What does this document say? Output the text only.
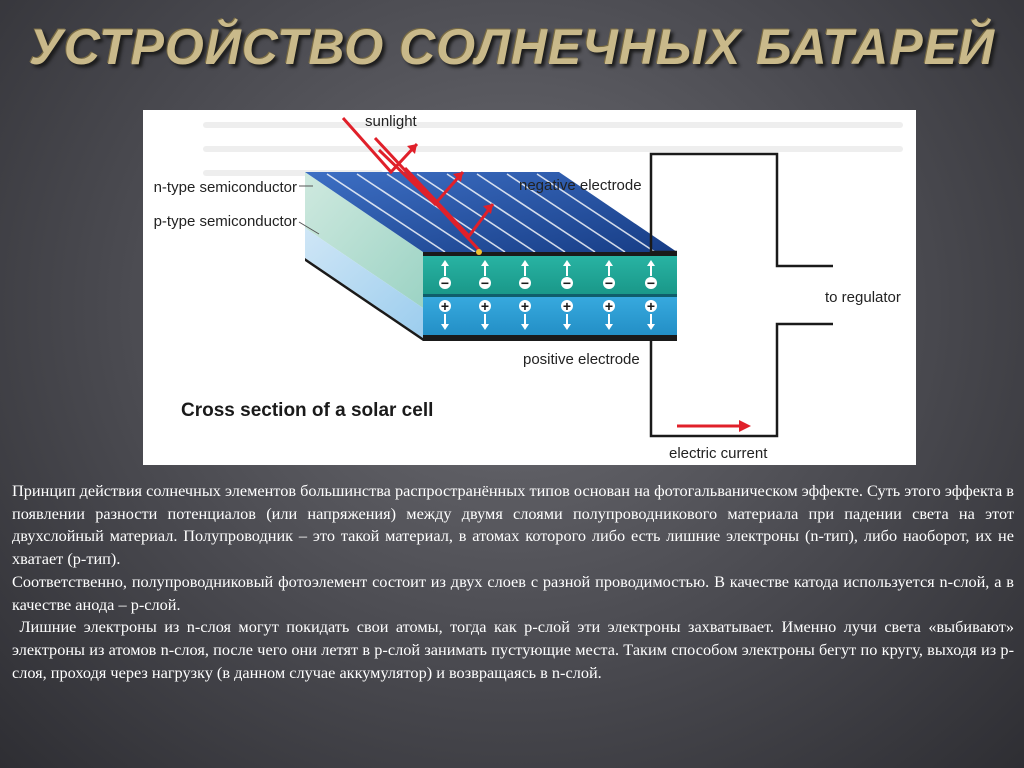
УСТРОЙСТВО СОЛНЕЧНЫХ БАТАРЕЙ
− − − − − −
+ + + + + +
sunlight
n-type semiconductor
p-type semiconductor
negative electrode
positive electrode
to regulator
electric current
Cross section of a solar cell

Принцип действия солнечных элементов большинства распространённых типов основан на фотогальваническом эффекте. Суть этого эффекта в появлении разности потенциалов (или напряжения) между двумя слоями полупроводникового материала при падении света на этот двухслойный материал. Полупроводник – это такой материал, в атомах которого либо есть лишние электроны (n-тип), либо наоборот, их не хватает (p-тип).

Соответственно, полупроводниковый фотоэлемент состоит из двух слоев с разной проводимостью. В качестве катода используется n-слой, а в качестве анода – p-слой.

Лишние электроны из n-слоя могут покидать свои атомы, тогда как p-слой эти электроны захватывает. Именно лучи света «выбивают» электроны из атомов n-слоя, после чего они летят в p-слой занимать пустующие места. Таким способом электроны бегут по кругу, выходя из p-слоя, проходя через нагрузку (в данном случае аккумулятор) и возвращаясь в n-слой.
